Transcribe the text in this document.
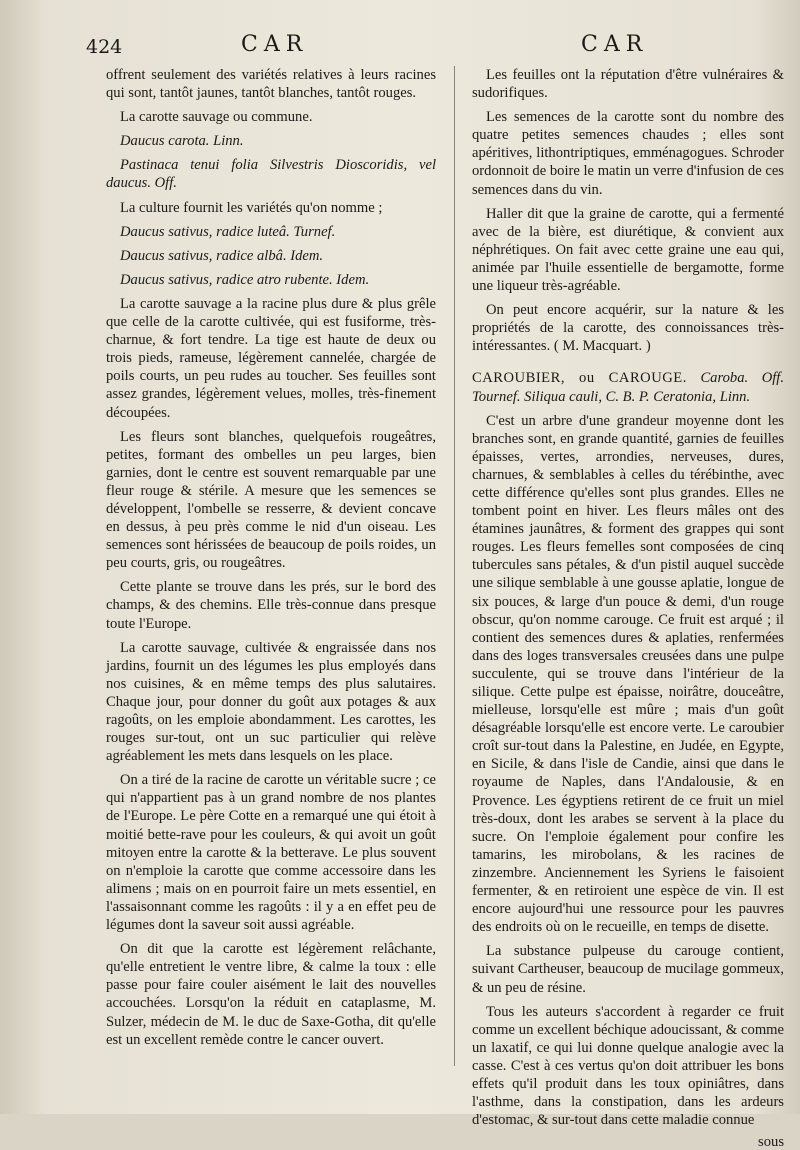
424	CAR	CAR

offrent seulement des variétés relatives à leurs racines qui sont, tantôt jaunes, tantôt blanches, tantôt rouges.

La carotte sauvage ou commune.

Daucus carota. Linn.

Pastinaca tenui folia Silvestris Dioscoridis, vel daucus. Off.

La culture fournit les variétés qu'on nomme ;

Daucus sativus, radice luteâ. Turnef.

Daucus sativus, radice albâ. Idem.

Daucus sativus, radice atro rubente. Idem.

La carotte sauvage a la racine plus dure & plus grêle que celle de la carotte cultivée, qui est fusiforme, très-charnue, & fort tendre. La tige est haute de deux ou trois pieds, rameuse, légèrement cannelée, chargée de poils courts, un peu rudes au toucher. Ses feuilles sont assez grandes, légèrement velues, molles, très-finement découpées.

Les fleurs sont blanches, quelquefois rougeâtres, petites, formant des ombelles un peu larges, bien garnies, dont le centre est souvent remarquable par une fleur rouge & stérile. A mesure que les semences se développent, l'ombelle se resserre, & devient concave en dessus, à peu près comme le nid d'un oiseau. Les semences sont hérissées de beaucoup de poils roides, un peu courts, gris, ou rougeâtres.

Cette plante se trouve dans les prés, sur le bord des champs, & des chemins. Elle très-connue dans presque toute l'Europe.

La carotte sauvage, cultivée & engraissée dans nos jardins, fournit un des légumes les plus employés dans nos cuisines, & en même temps des plus salutaires. Chaque jour, pour donner du goût aux potages & aux ragoûts, on les emploie abondamment. Les carottes, les rouges sur-tout, ont un suc particulier qui relève agréablement les mets dans lesquels on les place.

On a tiré de la racine de carotte un véritable sucre ; ce qui n'appartient pas à un grand nombre de nos plantes de l'Europe. Le père Cotte en a remarqué une qui étoit à moitié bette-rave pour les couleurs, & qui avoit un goût mitoyen entre la carotte & la betterave. Le plus souvent on n'emploie la carotte que comme accessoire dans les alimens ; mais on en pourroit faire un mets essentiel, en l'assaisonnant comme les ragoûts : il y a en effet peu de légumes dont la saveur soit aussi agréable.

On dit que la carotte est légèrement relâchante, qu'elle entretient le ventre libre, & calme la toux : elle passe pour faire couler aisément le lait des nouvelles accouchées. Lorsqu'on la réduit en cataplasme, M. Sulzer, médecin de M. le duc de Saxe-Gotha, dit qu'elle est un excellent remède contre le cancer ouvert.

Les feuilles ont la réputation d'être vulnéraires & sudorifiques.

Les semences de la carotte sont du nombre des quatre petites semences chaudes ; elles sont apéritives, lithontriptiques, emménagogues. Schroder ordonnoit de boire le matin un verre d'infusion de ces semences dans du vin.

Haller dit que la graine de carotte, qui a fermenté avec de la bière, est diurétique, & convient aux néphrétiques. On fait avec cette graine une eau qui, animée par l'huile essentielle de bergamotte, forme une liqueur très-agréable.

On peut encore acquérir, sur la nature & les propriétés de la carotte, des connoissances très-intéressantes. ( M. Macquart. )

CAROUBIER, ou CAROUGE. Caroba. Off. Tournef. Siliqua cauli, C. B. P. Ceratonia, Linn.

C'est un arbre d'une grandeur moyenne dont les branches sont, en grande quantité, garnies de feuilles épaisses, vertes, arrondies, nerveuses, dures, charnues, & semblables à celles du térébinthe, avec cette différence qu'elles sont plus grandes. Elles ne tombent point en hiver. Les fleurs mâles ont des étamines jaunâtres, & forment des grappes qui sont rouges. Les fleurs femelles sont composées de cinq tubercules sans pétales, & d'un pistil auquel succède une silique semblable à une gousse aplatie, longue de six pouces, & large d'un pouce & demi, d'un rouge obscur, qu'on nomme carouge. Ce fruit est arqué ; il contient des semences dures & aplaties, renfermées dans des loges transversales creusées dans une pulpe succulente, qui se trouve dans l'intérieur de la silique. Cette pulpe est épaisse, noirâtre, douceâtre, mielleuse, lorsqu'elle est mûre ; mais d'un goût désagréable lorsqu'elle est encore verte. Le caroubier croît sur-tout dans la Palestine, en Judée, en Egypte, en Sicile, & dans l'isle de Candie, ainsi que dans le royaume de Naples, dans l'Andalousie, & en Provence. Les égyptiens retirent de ce fruit un miel très-doux, dont les arabes se servent à la place du sucre. On l'emploie également pour confire les tamarins, les mirobolans, & les racines de zinzembre. Anciennement les Syriens le faisoient fermenter, & en retiroient une espèce de vin. Il est encore aujourd'hui une ressource pour les pauvres des endroits où on le recueille, en temps de disette.

La substance pulpeuse du carouge contient, suivant Cartheuser, beaucoup de mucilage gommeux, & un peu de résine.

Tous les auteurs s'accordent à regarder ce fruit comme un excellent béchique adoucissant, & comme un laxatif, ce qui lui donne quelque analogie avec la casse. C'est à ces vertus qu'on doit attribuer les bons effets qu'il produit dans les toux opiniâtres, dans l'asthme, dans la constipation, dans les ardeurs d'estomac, & sur-tout dans cette maladie connue

sous
